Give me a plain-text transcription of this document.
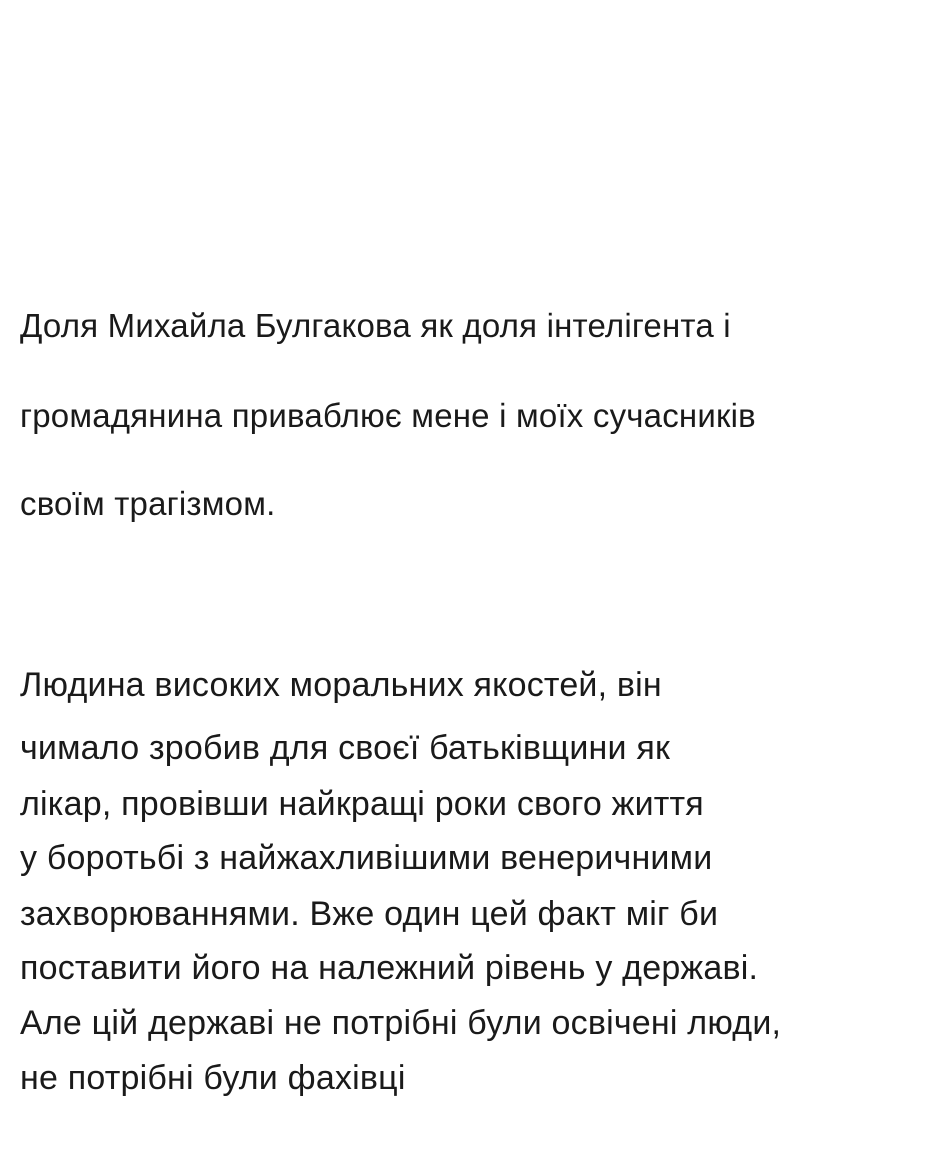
Доля Михайла Булгакова як доля інтелігента і
громадянина приваблює мене і моїх сучасників
своїм трагізмом.
Людина високих моральних якостей, він
чимало зробив для своєї батьківщини як
лікар, провівши найкращі роки свого життя
у боротьбі з найжахливішими венеричними
захворюваннями. Вже один цей факт міг би
поставити його на належний рівень у державі.
Але цій державі не потрібні були освічені люди,
не потрібні були фахівці
